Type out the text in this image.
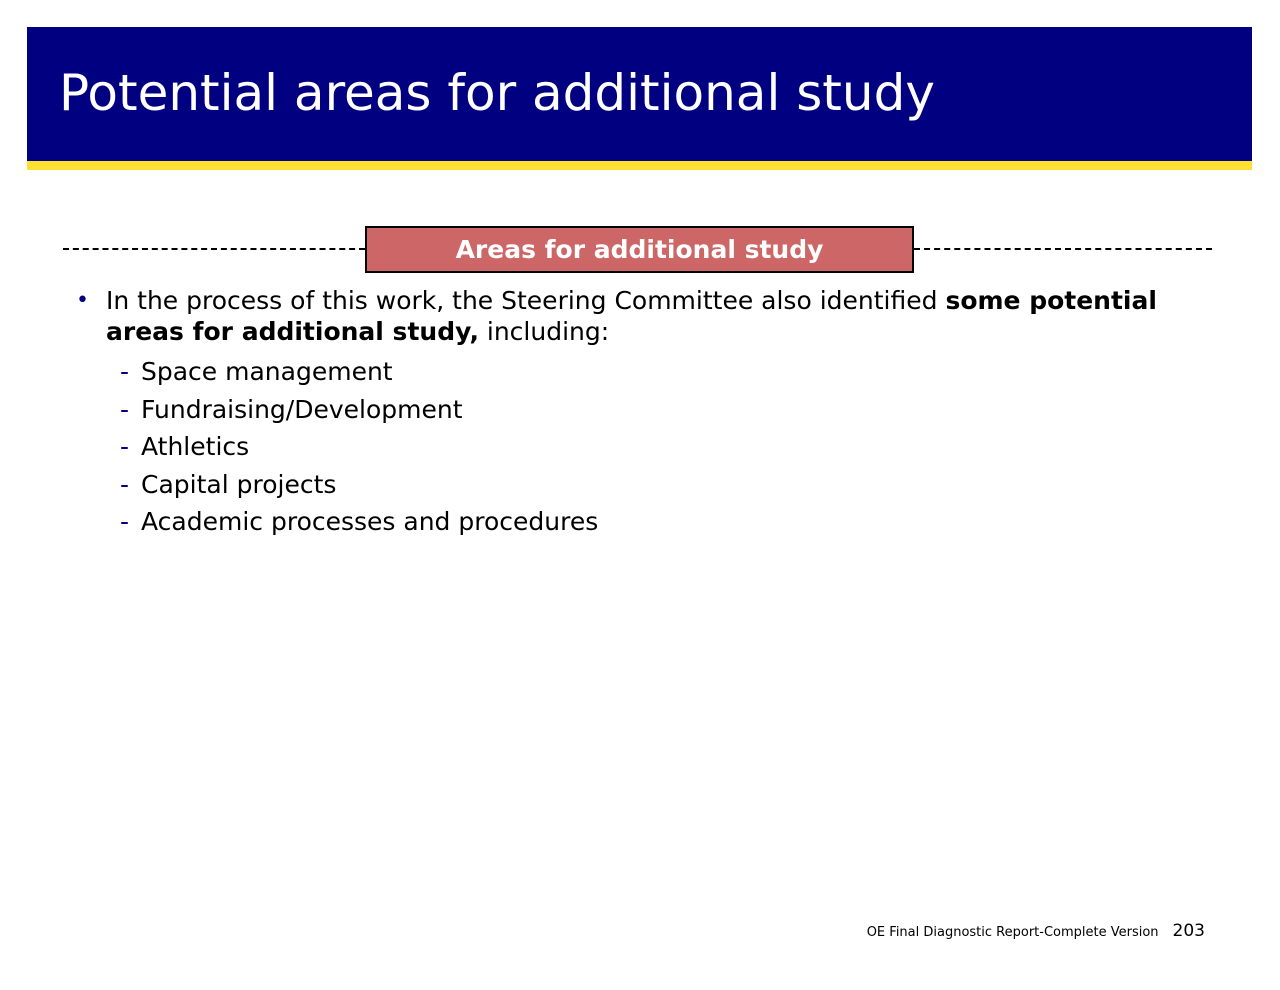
Potential areas for additional study
Areas for additional study
• In the process of this work, the Steering Committee also identified some potential areas for additional study, including:
- Space management
- Fundraising/Development
- Athletics
- Capital projects
- Academic processes and procedures
OE Final Diagnostic Report-Complete Version 203
